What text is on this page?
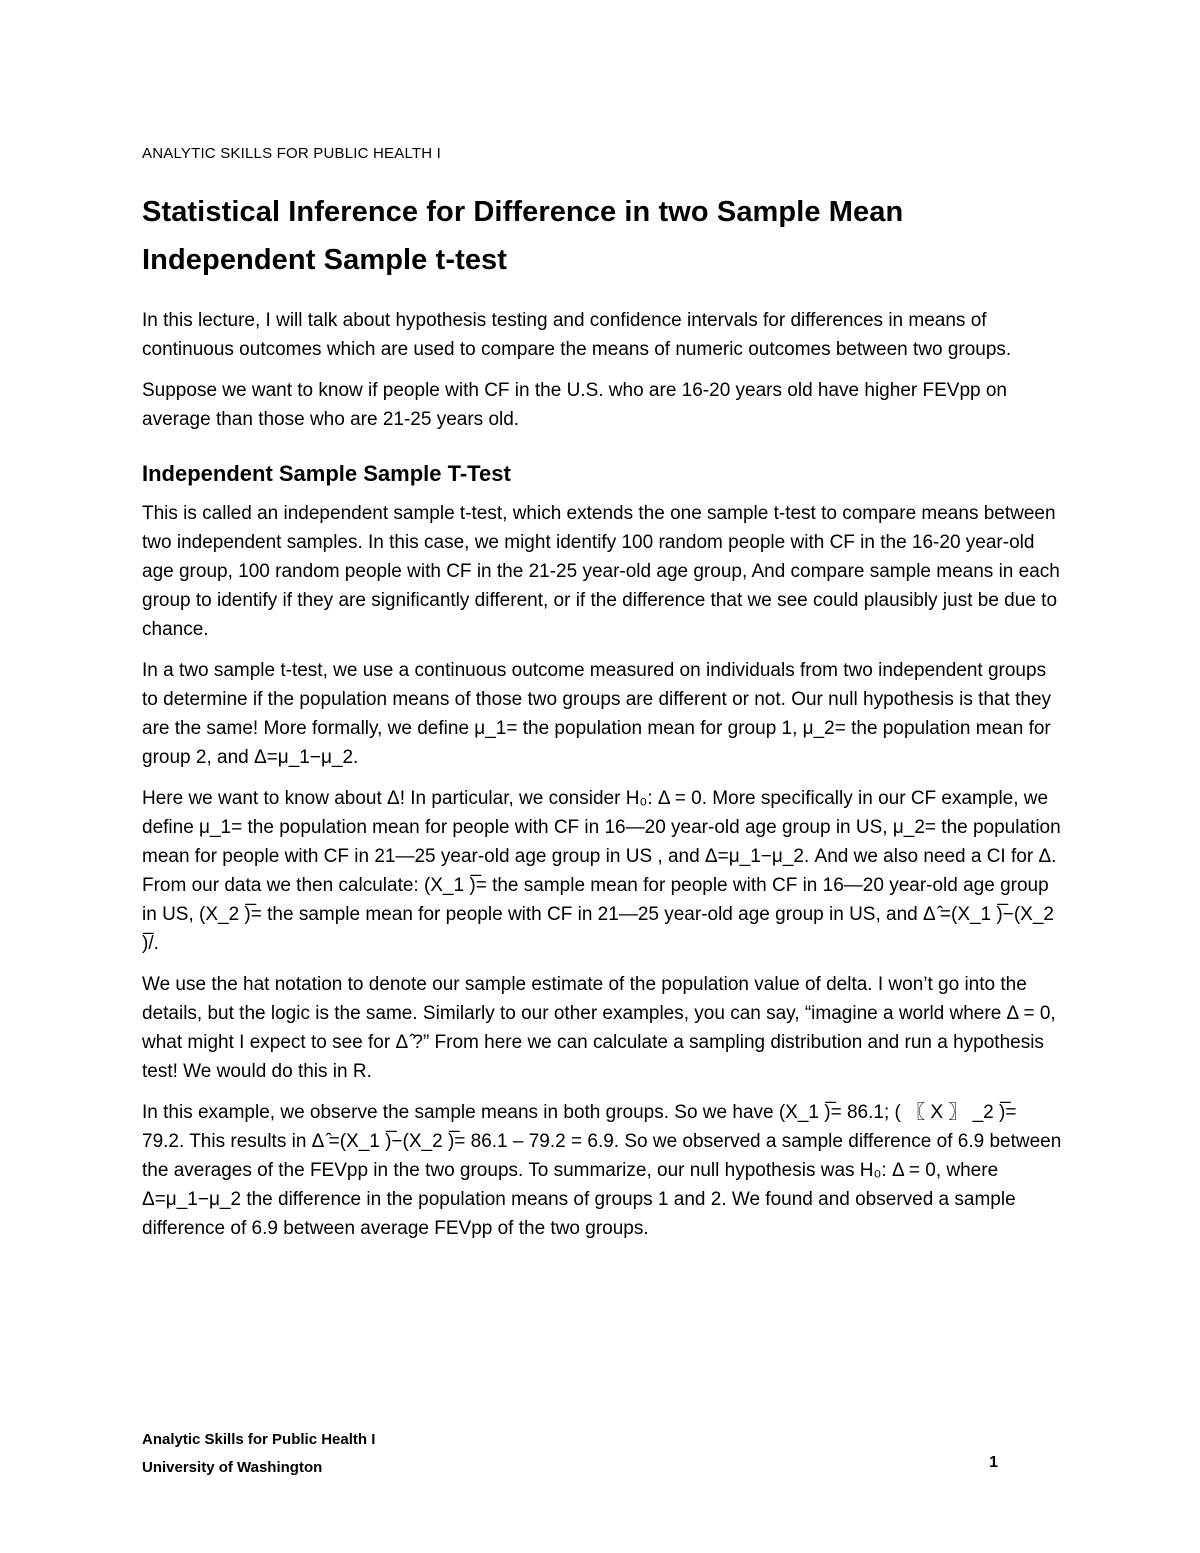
ANALYTIC SKILLS FOR PUBLIC HEALTH I
Statistical Inference for Difference in two Sample Mean
Independent Sample t-test

In this lecture, I will talk about hypothesis testing and confidence intervals for differences in means of continuous outcomes which are used to compare the means of numeric outcomes between two groups.

Suppose we want to know if people with CF in the U.S. who are 16-20 years old have higher FEVpp on average than those who are 21-25 years old.

Independent Sample Sample T-Test

This is called an independent sample t-test, which extends the one sample t-test to compare means between two independent samples. In this case, we might identify 100 random people with CF in the 16-20 year-old age group, 100 random people with CF in the 21-25 year-old age group, And compare sample means in each group to identify if they are significantly different, or if the difference that we see could plausibly just be due to chance.

In a two sample t-test, we use a continuous outcome measured on individuals from two independent groups to determine if the population means of those two groups are different or not. Our null hypothesis is that they are the same! More formally, we define μ_1= the population mean for group 1, μ_2= the population mean for group 2, and Δ=μ_1−μ_2.

Here we want to know about Δ! In particular, we consider H₀: Δ = 0. More specifically in our CF example, we define μ_1= the population mean for people with CF in 16—20 year-old age group in US, μ_2= the population mean for people with CF in 21—25 year-old age group in US , and Δ=μ_1−μ_2. And we also need a CI for Δ. From our data we then calculate: (X_1 )̅= the sample mean for people with CF in 16—20 year-old age group in US, (X_2 )̅= the sample mean for people with CF in 21—25 year-old age group in US, and Δ ̂=(X_1 )̅−(X_2 )̅/.

We use the hat notation to denote our sample estimate of the population value of delta. I won’t go into the details, but the logic is the same. Similarly to our other examples, you can say, “imagine a world where Δ = 0, what might I expect to see for Δ ̂?” From here we can calculate a sampling distribution and run a hypothesis test! We would do this in R.

In this example, we observe the sample means in both groups. So we have (X_1 )̅= 86.1; ( 〖 X 〗 _2 )̅= 79.2. This results in Δ ̂=(X_1 )̅−(X_2 )̅= 86.1 – 79.2 = 6.9. So we observed a sample difference of 6.9 between the averages of the FEVpp in the two groups. To summarize, our null hypothesis was H₀: Δ = 0, where Δ=μ_1−μ_2 the difference in the population means of groups 1 and 2. We found and observed a sample difference of 6.9 between average FEVpp of the two groups.

Analytic Skills for Public Health I
University of Washington	1
